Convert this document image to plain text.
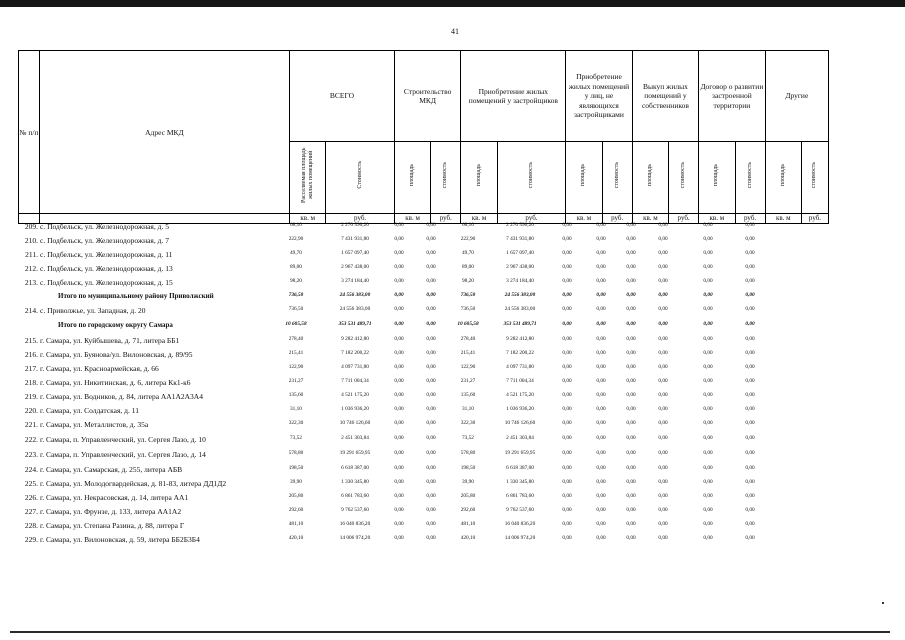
41
№ п/п	Адрес МКД	ВСЕГО		Строительство МКД		Приобретение жилых помещений у застройщиков		Приобретение жилых помещений у лиц, не являющихся застройщиками		Выкуп жилых помещений у собственников		Договор о развитии застроенной территории		Другие	
		Расселяемая площадь жилых помещений	Стоимость	площадь	стоимость	площадь	стоимость	площадь	стоимость	площадь	стоимость	площадь	стоимость	площадь	стоимость
		кв. м	руб.	кв. м	руб.	кв. м	руб.	кв. м	руб.	кв. м	руб.	кв. м	руб.	кв. м	руб.
209. с. Подбельск, ул. Железнодорожная, д. 5	68,10	2 270 590,20	0,00	0,00	68,10	2 270 590,20	0,00	0,00	0,00	0,00	0,00	0,00
210. с. Подбельск, ул. Железнодорожная, д. 7	222,90	7 431 931,80	0,00	0,00	222,90	7 431 931,80	0,00	0,00	0,00	0,00	0,00	0,00
211. с. Подбельск, ул. Железнодорожная, д. 11	49,70	1 657 097,40	0,00	0,00	49,70	1 657 097,40	0,00	0,00	0,00	0,00	0,00	0,00
212. с. Подбельск, ул. Железнодорожная, д. 13	89,00	2 967 438,00	0,00	0,00	89,00	2 967 438,00	0,00	0,00	0,00	0,00	0,00	0,00
213. с. Подбельск, ул. Железнодорожная, д. 15	98,20	3 274 184,40	0,00	0,00	98,20	3 274 184,40	0,00	0,00	0,00	0,00	0,00	0,00
Итого по муниципальному району Приволжский	736,50	24 556 383,00	0,00	0,00	736,50	24 556 383,00	0,00	0,00	0,00	0,00	0,00	0,00
214. с. Приволжье, ул. Западная, д. 20	736,50	24 556 383,00	0,00	0,00	736,50	24 556 383,00	0,00	0,00	0,00	0,00	0,00	0,00
Итого по городскому округу Самара	10 605,58	353 531 489,71	0,00	0,00	10 605,58	353 531 489,71	0,00	0,00	0,00	0,00	0,00	0,00
215. г. Самара, ул. Куйбышева, д. 71, литера ББ1	278,40	9 282 412,80	0,00	0,00	278,40	9 282 412,80	0,00	0,00	0,00	0,00	0,00	0,00
216. г. Самара, ул. Буянова/ул. Вилоновская, д. 89/95	215,41	7 182 200,22	0,00	0,00	215,41	7 182 200,22	0,00	0,00	0,00	0,00	0,00	0,00
217. г. Самара, ул. Красноармейская, д. 66	122,90	4 097 731,80	0,00	0,00	122,90	4 097 731,80	0,00	0,00	0,00	0,00	0,00	0,00
218. г. Самара, ул. Никитинская, д. 6, литера Кк1-к6	231,27	7 711 004,34	0,00	0,00	231,27	7 711 004,34	0,00	0,00	0,00	0,00	0,00	0,00
219. г. Самара, ул. Водников, д. 84, литера АА1А2А3А4	135,60	4 521 175,20	0,00	0,00	135,60	4 521 175,20	0,00	0,00	0,00	0,00	0,00	0,00
220. г. Самара, ул. Солдатская, д. 11	31,10	1 036 936,20	0,00	0,00	31,10	1 036 936,20	0,00	0,00	0,00	0,00	0,00	0,00
221. г. Самара, ул. Металлистов, д. 35а	322,30	10 746 126,60	0,00	0,00	322,30	10 746 126,60	0,00	0,00	0,00	0,00	0,00	0,00
222. г. Самара, п. Управленческий, ул. Сергея Лазо, д. 10	73,52	2 451 303,84	0,00	0,00	73,52	2 451 303,84	0,00	0,00	0,00	0,00	0,00	0,00
223. г. Самара, п. Управленческий, ул. Сергея Лазо, д. 14	578,80	19 291 659,95	0,00	0,00	578,80	19 291 659,95	0,00	0,00	0,00	0,00	0,00	0,00
224. г. Самара, ул. Самарская, д. 255, литера АБВ	198,50	6 618 387,00	0,00	0,00	198,50	6 618 387,00	0,00	0,00	0,00	0,00	0,00	0,00
225. г. Самара, ул. Молодогвардейская, д. 81-83, литера ДД1Д2	39,90	1 330 345,80	0,00	0,00	39,90	1 330 345,80	0,00	0,00	0,00	0,00	0,00	0,00
226. г. Самара, ул. Некрасовская, д. 14, литера АА1	205,80	6 861 783,60	0,00	0,00	205,80	6 861 783,60	0,00	0,00	0,00	0,00	0,00	0,00
227. г. Самара, ул. Фрунзе, д. 133, литера АА1А2	292,60	9 762 537,60	0,00	0,00	292,60	9 762 537,60	0,00	0,00	0,00	0,00	0,00	0,00
228. г. Самара, ул. Степана Разина, д. 88, литера Г	481,10	16 040 836,20	0,00	0,00	481,10	16 040 836,20	0,00	0,00	0,00	0,00	0,00	0,00
229. г. Самара, ул. Вилоновская, д. 59, литера ББ2Б3Б4	420,10	14 006 974,20	0,00	0,00	420,10	14 006 974,20	0,00	0,00	0,00	0,00	0,00	0,00
